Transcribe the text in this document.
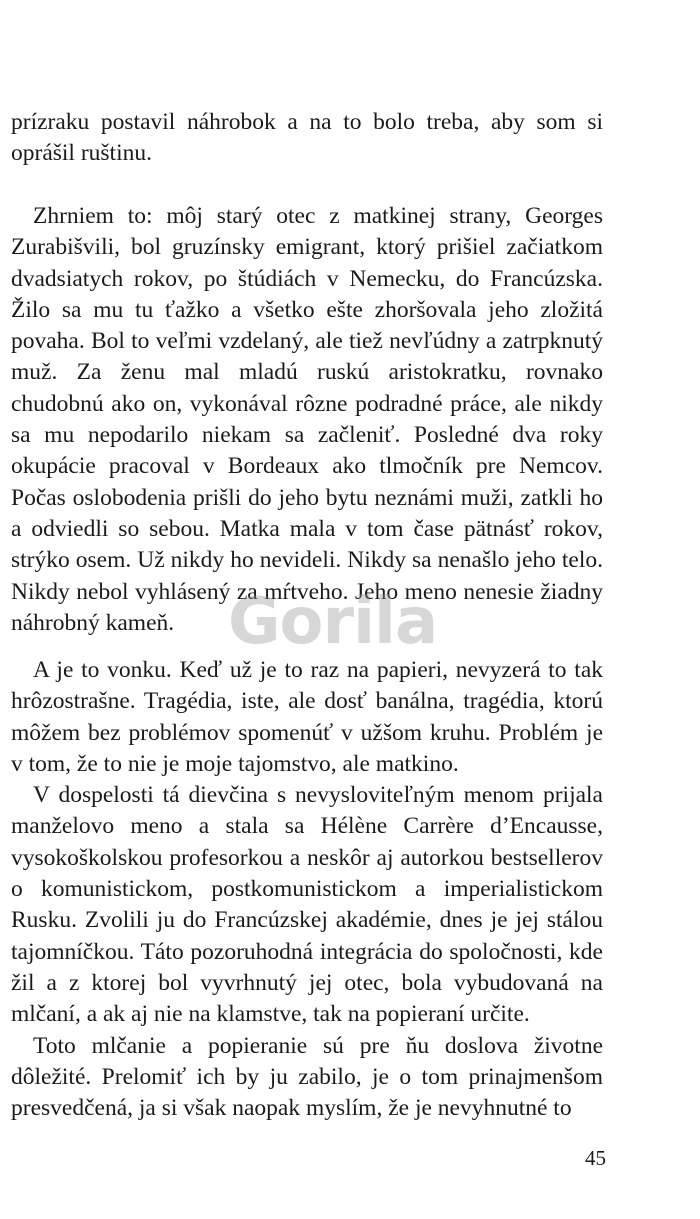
prízraku postavil náhrobok a na to bolo treba, aby som si oprášil ruštinu.

Zhrniem to: môj starý otec z matkinej strany, Georges Zurabišvili, bol gruzínsky emigrant, ktorý prišiel začiatkom dvadsiatych rokov, po štúdiách v Nemecku, do Francúzska. Žilo sa mu tu ťažko a všetko ešte zhoršovala jeho zložitá povaha. Bol to veľmi vzdelaný, ale tiež nevľúdny a zatrpknutý muž. Za ženu mal mladú ruskú aristokratku, rovnako chudobnú ako on, vykonával rôzne podradné práce, ale nikdy sa mu nepodarilo niekam sa začleniť. Posledné dva roky okupácie pracoval v Bordeaux ako tlmočník pre Nemcov. Počas oslobodenia prišli do jeho bytu neznámi muži, zatkli ho a odviedli so sebou. Matka mala v tom čase pätnásť rokov, strýko osem. Už nikdy ho nevideli. Nikdy sa nenašlo jeho telo. Nikdy nebol vyhlásený za mŕtveho. Jeho meno nenesie žiadny náhrobný kameň.

A je to vonku. Keď už je to raz na papieri, nevyzerá to tak hrôzostrašne. Tragédia, iste, ale dosť banálna, tragédia, ktorú môžem bez problémov spomenúť v užšom kruhu. Problém je v tom, že to nie je moje tajomstvo, ale matkino.

V dospelosti tá dievčina s nevysloviteľným menom prijala manželovo meno a stala sa Hélène Carrère d’Encausse, vysokoškolskou profesorkou a neskôr aj autorkou bestsellerov o komunistickom, postkomunistickom a imperialistickom Rusku. Zvolili ju do Francúzskej akadémie, dnes je jej stálou tajomníčkou. Táto pozoruhodná integrácia do spoločnosti, kde žil a z ktorej bol vyvrhnutý jej otec, bola vybudovaná na mlčaní, a ak aj nie na klamstve, tak na popieraní určite.

Toto mlčanie a popieranie sú pre ňu doslova životne dôležité. Prelomiť ich by ju zabilo, je o tom prinajmenšom presvedčená, ja si však naopak myslím, že je nevyhnutné to

Gorila
45
